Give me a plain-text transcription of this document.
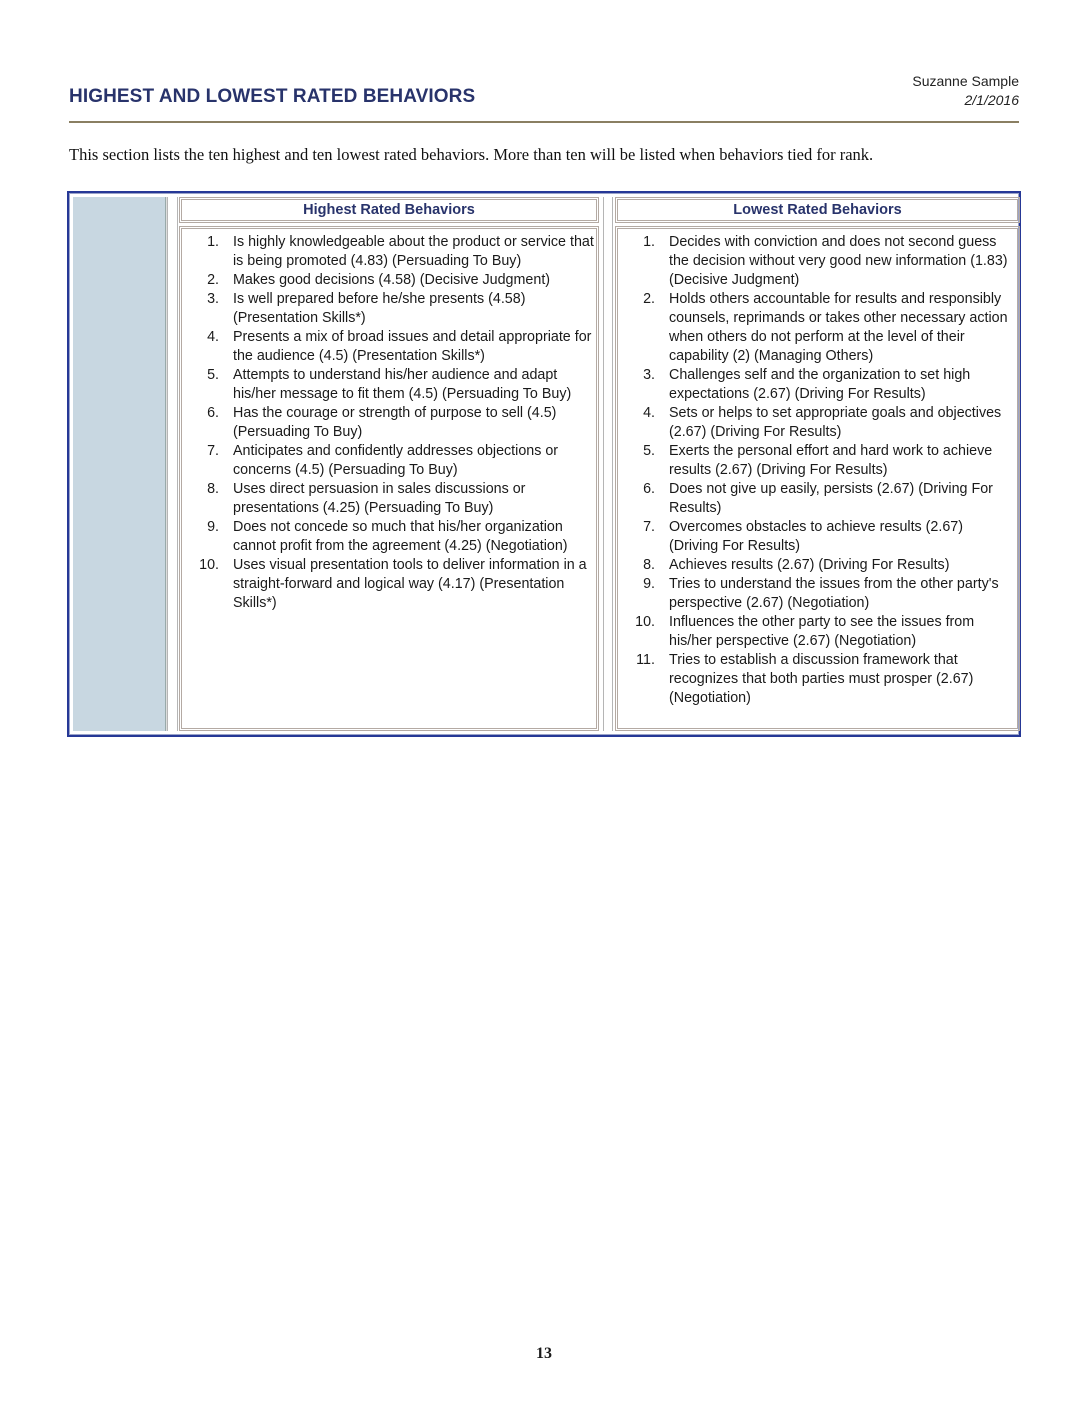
HIGHEST AND LOWEST RATED BEHAVIORS
Suzanne Sample
2/1/2016
This section lists the ten highest and ten lowest rated behaviors. More than ten will be listed when behaviors tied for rank.
Highest Rated Behaviors
1. Is highly knowledgeable about the product or service that is being promoted (4.83) (Persuading To Buy)
2. Makes good decisions (4.58) (Decisive Judgment)
3. Is well prepared before he/she presents (4.58) (Presentation Skills*)
4. Presents a mix of broad issues and detail appropriate for the audience (4.5) (Presentation Skills*)
5. Attempts to understand his/her audience and adapt his/her message to fit them (4.5) (Persuading To Buy)
6. Has the courage or strength of purpose to sell (4.5) (Persuading To Buy)
7. Anticipates and confidently addresses objections or concerns (4.5) (Persuading To Buy)
8. Uses direct persuasion in sales discussions or presentations (4.25) (Persuading To Buy)
9. Does not concede so much that his/her organization cannot profit from the agreement (4.25) (Negotiation)
10. Uses visual presentation tools to deliver information in a straight-forward and logical way (4.17) (Presentation Skills*)
Lowest Rated Behaviors
1. Decides with conviction and does not second guess the decision without very good new information (1.83) (Decisive Judgment)
2. Holds others accountable for results and responsibly counsels, reprimands or takes other necessary action when others do not perform at the level of their capability (2) (Managing Others)
3. Challenges self and the organization to set high expectations (2.67) (Driving For Results)
4. Sets or helps to set appropriate goals and objectives (2.67) (Driving For Results)
5. Exerts the personal effort and hard work to achieve results (2.67) (Driving For Results)
6. Does not give up easily, persists (2.67) (Driving For Results)
7. Overcomes obstacles to achieve results (2.67) (Driving For Results)
8. Achieves results (2.67) (Driving For Results)
9. Tries to understand the issues from the other party's perspective (2.67) (Negotiation)
10. Influences the other party to see the issues from his/her perspective (2.67) (Negotiation)
11. Tries to establish a discussion framework that recognizes that both parties must prosper (2.67) (Negotiation)
13
